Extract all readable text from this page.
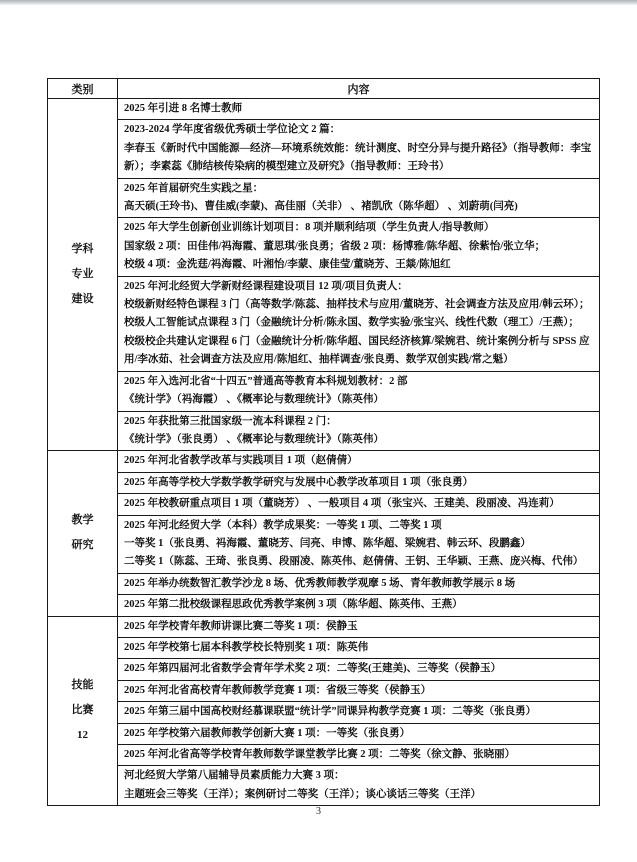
类别	内容

学科
专业
建设	2025 年引进 8 名博士教师

	2023-2024 学年度省级优秀硕士学位论文 2 篇：
李春玉《新时代中国能源—经济—环境系统效能：统计测度、时空分异与提升路径》（指导教师：李宝
新）；李素蕊《肺结核传染病的模型建立及研究》（指导教师：王玲书）

	2025 年首届研究生实践之星：
高天硕(王玲书)、曹佳威(李蒙)、高佳丽（关非） 、褚凯欣（陈华超） 、刘蔚萌(闫亮)

	2025 年大学生创新创业训练计划项目：8 项并顺利结项（学生负责人/指导教师）
国家级 2 项：田佳伟/祃海霞、董思琪/张良勇；省级 2 项：杨博雅/陈华超、徐紫怡/张立华；
校级 4 项：金洗莛/祃海霞、叶湘怡/李蒙、康佳莹/董晓芳、王燚/陈旭红

	2025 年河北经贸大学新财经课程建设项目 12 项/项目负责人：
校级新财经特色课程 3 门（高等数学/陈蕊、抽样技术与应用/董晓芳、社会调查方法及应用/韩云环）；
校级人工智能试点课程 3 门（金融统计分析/陈永国、数学实验/张宝兴、线性代数（理工）/王燕）；
校级校企共建认定课程 6 门（金融统计分析/陈华超、国民经济核算/梁婉君、统计案例分析与 SPSS 应
用/李冰茹、社会调查方法及应用/陈旭红、抽样调查/张良勇、数学双创实践/常之魁）

	2025 年入选河北省“十四五”普通高等教育本科规划教材：2 部
《统计学》（祃海霞） 、《概率论与数理统计》（陈英伟）

	2025 年获批第三批国家级一流本科课程 2 门：
《统计学》（张良勇） 、《概率论与数理统计》（陈英伟）

教学
研究	2025 年河北省教学改革与实践项目 1 项（赵倩倩）

	2025 年高等学校大学数学教学研究与发展中心教学改革项目 1 项（张良勇）

	2025 年校教研重点项目 1 项（董晓芳） 、一般项目 4 项（张宝兴、王建美、段丽凌、冯连莉）

	2025 年河北经贸大学（本科）教学成果奖：一等奖 1 项、二等奖 1 项
一等奖 1（张良勇、祃海霞、董晓芳、闫亮、申博、陈华超、梁婉君、韩云环、段鹏鑫）
二等奖 1（陈蕊、王琦、张良勇、段丽凌、陈英伟、赵倩倩、王钥、王华颖、王燕、庞兴梅、代伟）

	2025 年举办统数智汇教学沙龙 8 场、优秀教师教学观摩 5 场、青年教师教学展示 8 场

	2025 年第二批校级课程思政优秀教学案例 3 项（陈华超、陈英伟、王燕）

技能
比赛
12	2025 年学校青年教师讲课比赛二等奖 1 项：侯静玉

	2025 年学校第七届本科教学校长特别奖 1 项：陈英伟

	2025 年第四届河北省数学会青年学术奖 2 项：二等奖(王建美)、三等奖（侯静玉）

	2025 年河北省高校青年教师教学竞赛 1 项：省级三等奖（侯静玉）

	2025 年第三届中国高校财经慕课联盟“统计学”同课异构教学竞赛 1 项：二等奖（张良勇）

	2025 年学校第六届教师教学创新大赛 1 项：一等奖（张良勇）

	2025 年河北省高等学校青年教师数学课堂教学比赛 2 项：二等奖（徐文静、张晓丽）

	河北经贸大学第八届辅导员素质能力大赛 3 项：
主题班会三等奖（王洋）；案例研讨二等奖（王洋）；谈心谈话三等奖（王洋）
3
